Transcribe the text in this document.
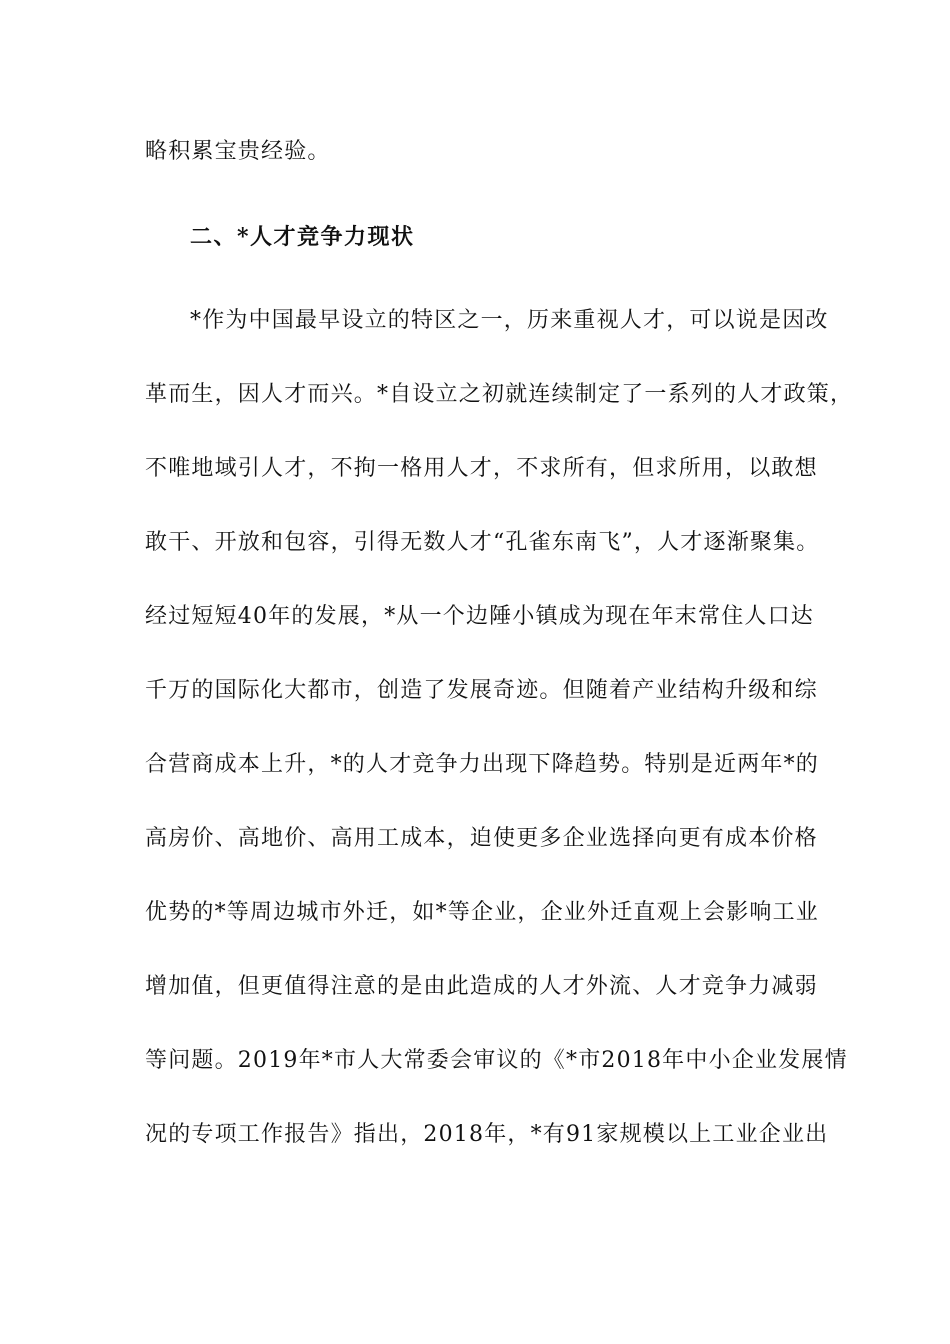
略积累宝贵经验。
二、*人才竞争力现状
*作为中国最早设立的特区之一，历来重视人才，可以说是因改
革而生，因人才而兴。*自设立之初就连续制定了一系列的人才政策，
不唯地域引人才，不拘一格用人才，不求所有，但求所用，以敢想
敢干、开放和包容，引得无数人才“孔雀东南飞”，人才逐渐聚集。
经过短短40年的发展，*从一个边陲小镇成为现在年末常住人口达
千万的国际化大都市，创造了发展奇迹。但随着产业结构升级和综
合营商成本上升，*的人才竞争力出现下降趋势。特别是近两年*的
高房价、高地价、高用工成本，迫使更多企业选择向更有成本价格
优势的*等周边城市外迁，如*等企业，企业外迁直观上会影响工业
增加值，但更值得注意的是由此造成的人才外流、人才竞争力减弱
等问题。2019年*市人大常委会审议的《*市2018年中小企业发展情
况的专项工作报告》指出，2018年，*有91家规模以上工业企业出
